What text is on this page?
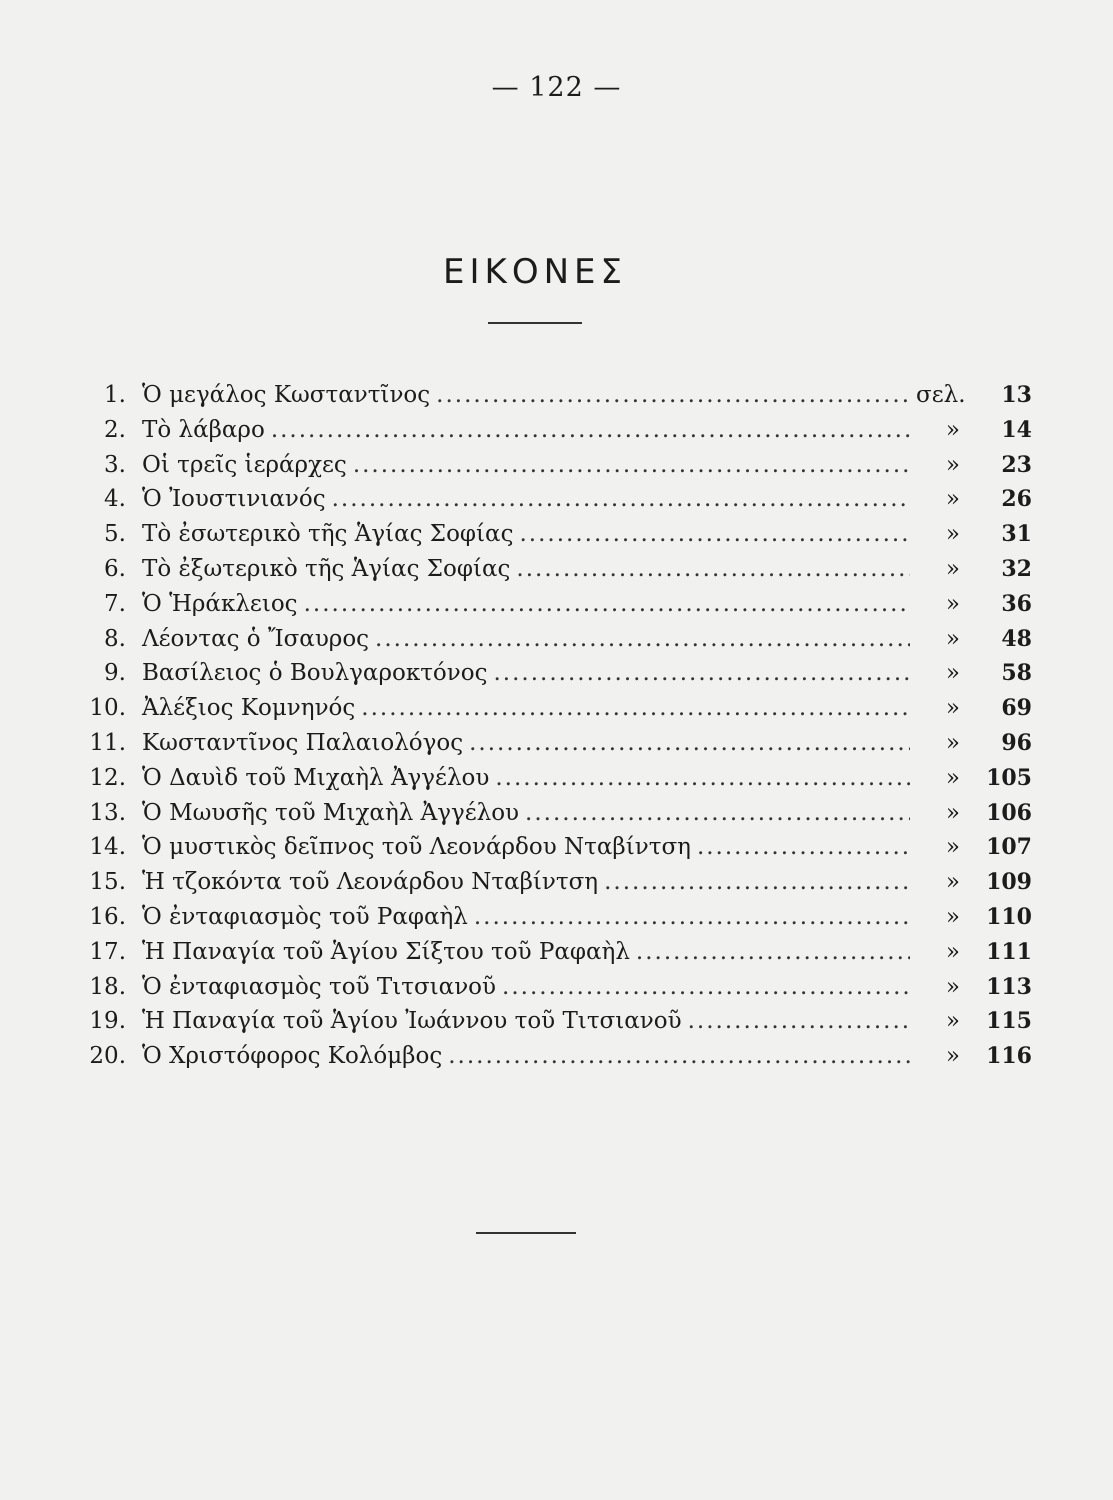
— 122 —
ΕΙΚΟΝΕΣ
1. Ὁ μεγάλος Κωσταντῖνος .....	σελ.	13
2. Τὸ λάβαρο .....	»	14
3. Οἱ τρεῖς ἱεράρχες .....	»	23
4. Ὁ Ἰουστινιανός .....	»	26
5. Τὸ ἐσωτερικὸ τῆς Ἁγίας Σοφίας .....	»	31
6. Τὸ ἐξωτερικὸ τῆς Ἁγίας Σοφίας .....	»	32
7. Ὁ Ἡράκλειος .....	»	36
8. Λέοντας ὁ Ἴσαυρος .....	»	48
9. Βασίλειος ὁ Βουλγαροκτόνος .....	»	58
10. Ἀλέξιος Κομνηνός .....	»	69
11. Κωσταντῖνος Παλαιολόγος .....	»	96
12. Ὁ Δαυὶδ τοῦ Μιχαὴλ Ἀγγέλου .....	»	105
13. Ὁ Μωυσῆς τοῦ Μιχαὴλ Ἀγγέλου .....	»	106
14. Ὁ μυστικὸς δεῖπνος τοῦ Λεονάρδου Νταβίντση .....	»	107
15. Ἡ τζοκόντα τοῦ Λεονάρδου Νταβίντση .....	»	109
16. Ὁ ἐνταφιασμὸς τοῦ Ραφαὴλ .....	»	110
17. Ἡ Παναγία τοῦ Ἁγίου Σίξτου τοῦ Ραφαὴλ .....	»	111
18. Ὁ ἐνταφιασμὸς τοῦ Τιτσιανοῦ .....	»	113
19. Ἡ Παναγία τοῦ Ἁγίου Ἰωάννου τοῦ Τιτσιανοῦ .....	»	115
20. Ὁ Χριστόφορος Κολόμβος .....	»	116
